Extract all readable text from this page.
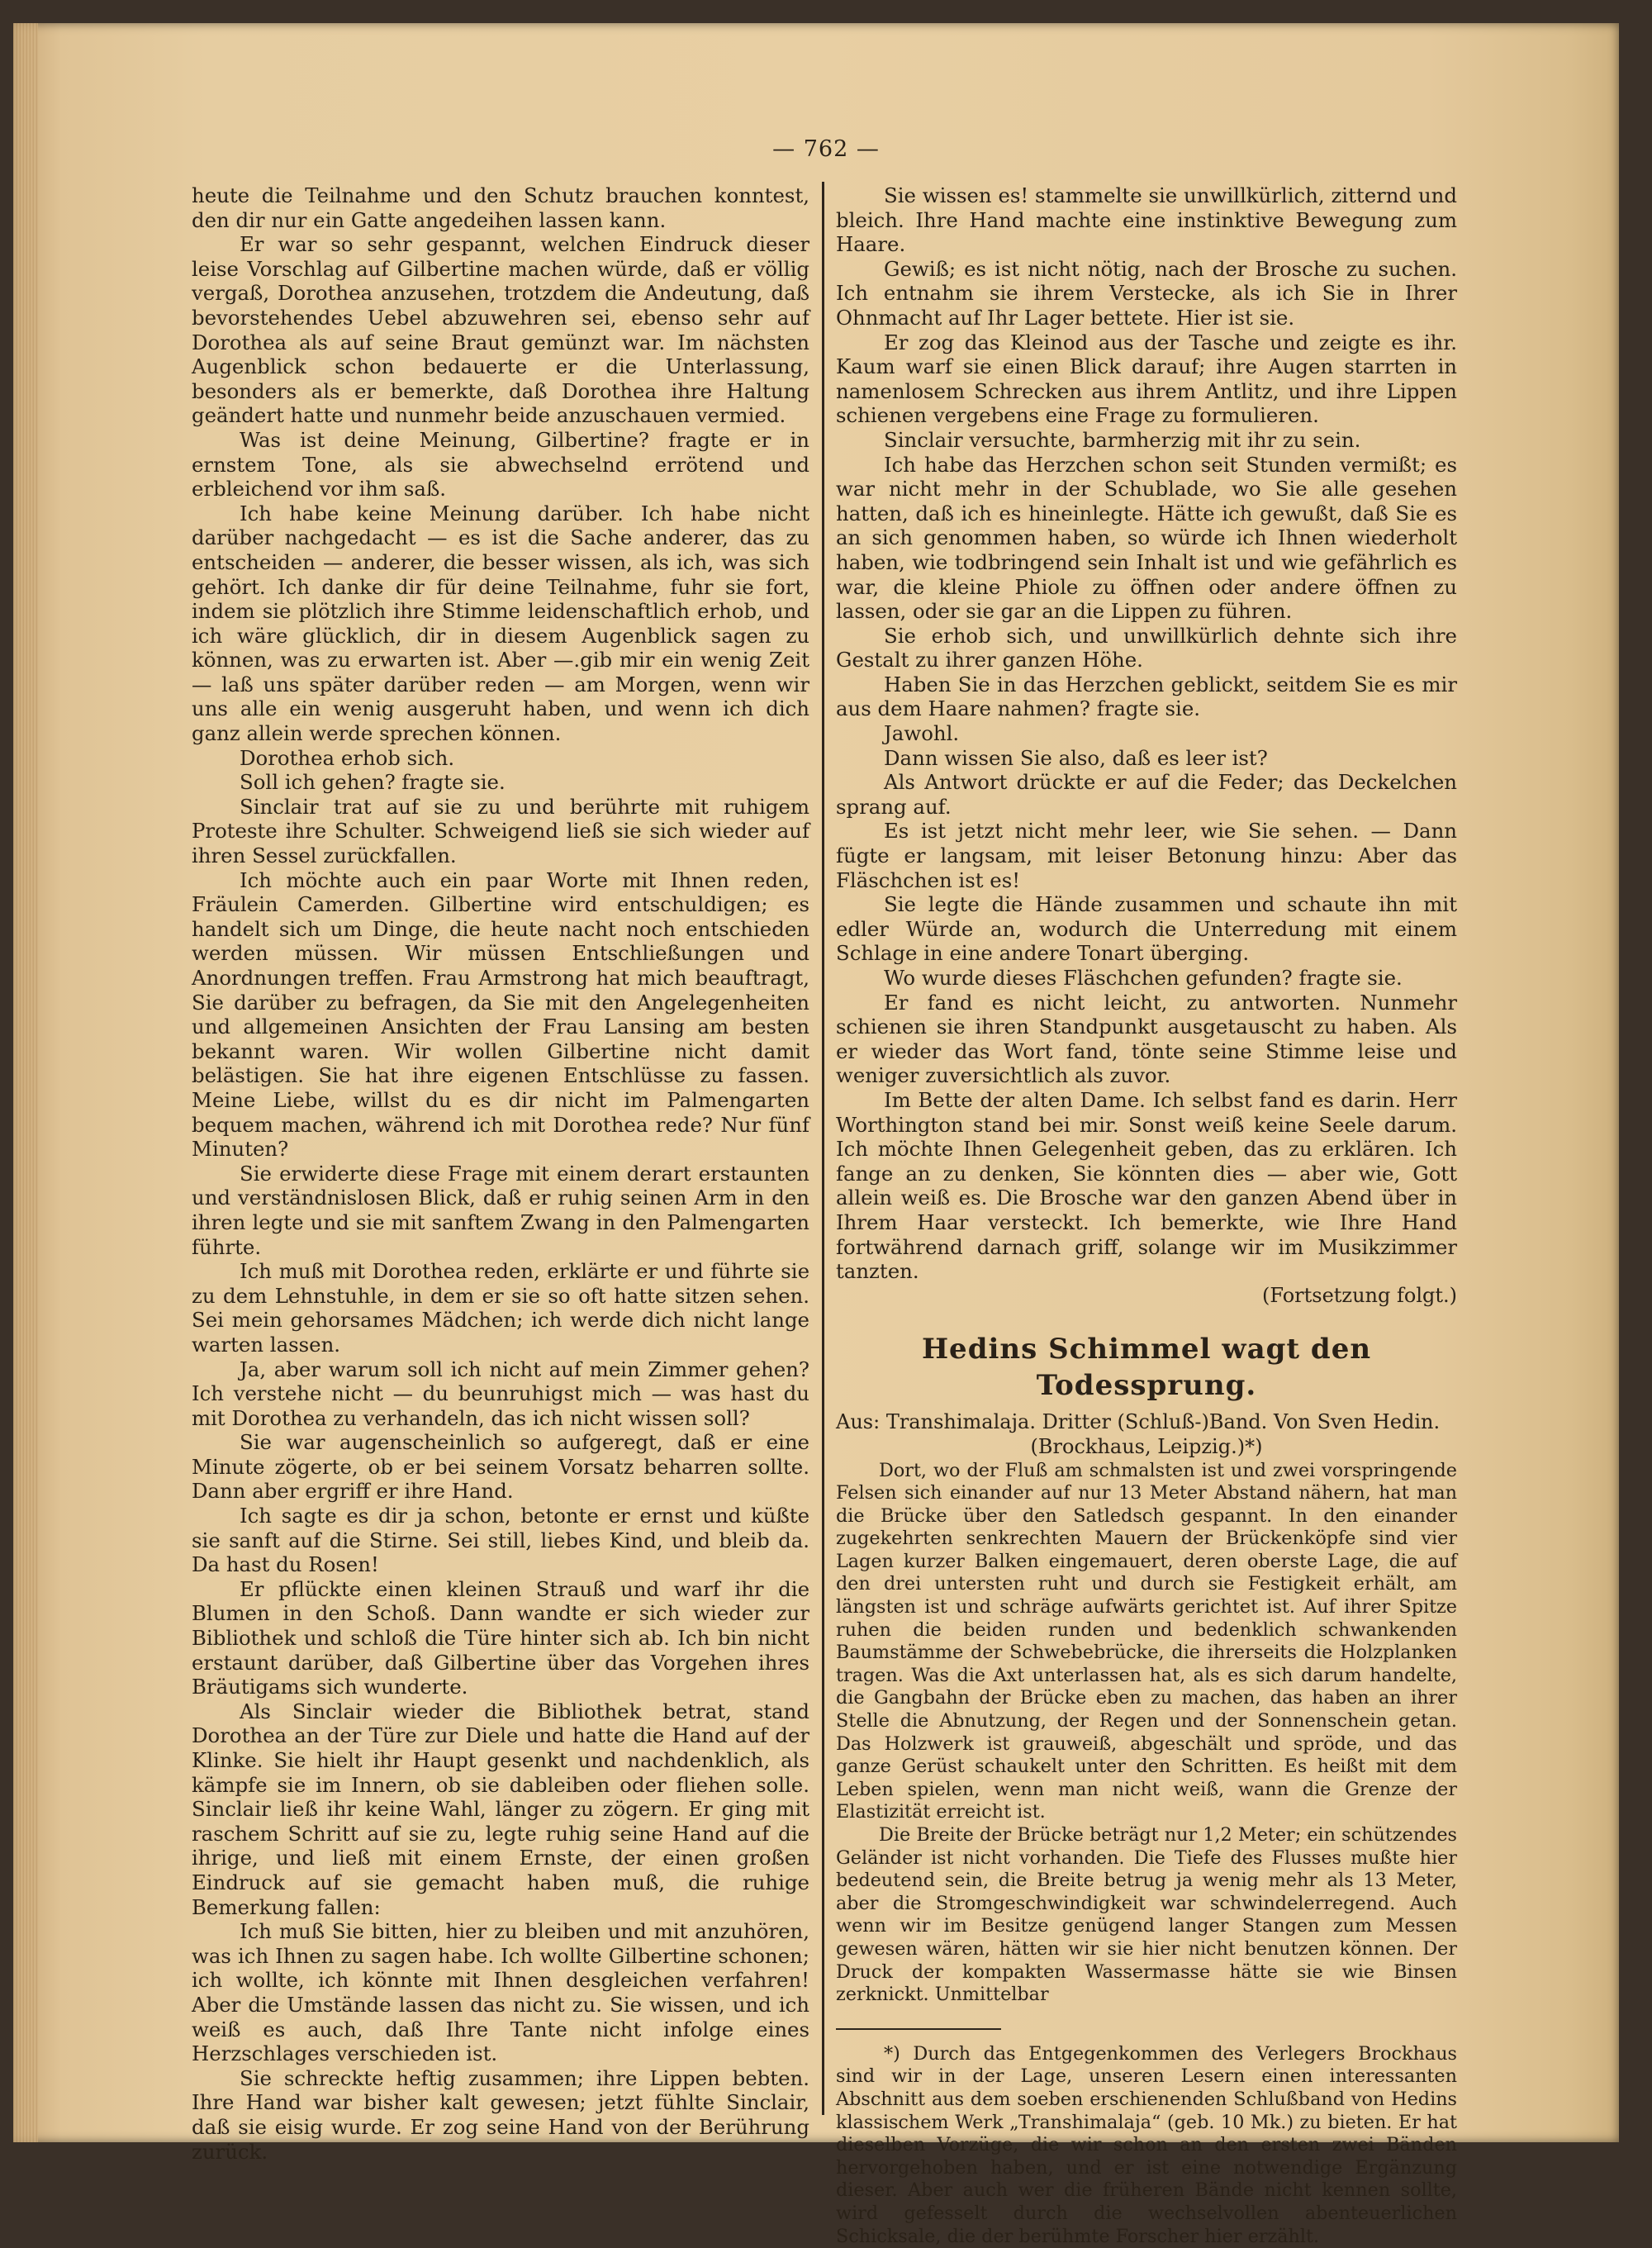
— 762 —

heute die Teilnahme und den Schutz brauchen konntest, den dir nur ein Gatte angedeihen lassen kann.

Er war so sehr gespannt, welchen Eindruck dieser leise Vorschlag auf Gilbertine machen würde, daß er völlig vergaß, Dorothea anzusehen, trotzdem die Andeutung, daß bevorstehendes Uebel abzuwehren sei, ebenso sehr auf Dorothea als auf seine Braut gemünzt war. Im nächsten Augenblick schon bedauerte er die Unterlassung, besonders als er bemerkte, daß Dorothea ihre Haltung geändert hatte und nunmehr beide anzuschauen vermied.

Was ist deine Meinung, Gilbertine? fragte er in ernstem Tone, als sie abwechselnd errötend und erbleichend vor ihm saß.

Ich habe keine Meinung darüber. Ich habe nicht darüber nachgedacht — es ist die Sache anderer, das zu entscheiden — anderer, die besser wissen, als ich, was sich gehört. Ich danke dir für deine Teilnahme, fuhr sie fort, indem sie plötzlich ihre Stimme leidenschaftlich erhob, und ich wäre glücklich, dir in diesem Augenblick sagen zu können, was zu erwarten ist. Aber —.gib mir ein wenig Zeit — laß uns später darüber reden — am Morgen, wenn wir uns alle ein wenig ausgeruht haben, und wenn ich dich ganz allein werde sprechen können.

Dorothea erhob sich.

Soll ich gehen? fragte sie.

Sinclair trat auf sie zu und berührte mit ruhigem Proteste ihre Schulter. Schweigend ließ sie sich wieder auf ihren Sessel zurückfallen.

Ich möchte auch ein paar Worte mit Ihnen reden, Fräulein Camerden. Gilbertine wird entschuldigen; es handelt sich um Dinge, die heute nacht noch entschieden werden müssen. Wir müssen Entschließungen und Anordnungen treffen. Frau Armstrong hat mich beauftragt, Sie darüber zu befragen, da Sie mit den Angelegenheiten und allgemeinen Ansichten der Frau Lansing am besten bekannt waren. Wir wollen Gilbertine nicht damit belästigen. Sie hat ihre eigenen Entschlüsse zu fassen. Meine Liebe, willst du es dir nicht im Palmengarten bequem machen, während ich mit Dorothea rede? Nur fünf Minuten?

Sie erwiderte diese Frage mit einem derart erstaunten und verständnislosen Blick, daß er ruhig seinen Arm in den ihren legte und sie mit sanftem Zwang in den Palmengarten führte.

Ich muß mit Dorothea reden, erklärte er und führte sie zu dem Lehnstuhle, in dem er sie so oft hatte sitzen sehen. Sei mein gehorsames Mädchen; ich werde dich nicht lange warten lassen.

Ja, aber warum soll ich nicht auf mein Zimmer gehen? Ich verstehe nicht — du beunruhigst mich — was hast du mit Dorothea zu verhandeln, das ich nicht wissen soll?

Sie war augenscheinlich so aufgeregt, daß er eine Minute zögerte, ob er bei seinem Vorsatz beharren sollte. Dann aber ergriff er ihre Hand.

Ich sagte es dir ja schon, betonte er ernst und küßte sie sanft auf die Stirne. Sei still, liebes Kind, und bleib da. Da hast du Rosen!

Er pflückte einen kleinen Strauß und warf ihr die Blumen in den Schoß. Dann wandte er sich wieder zur Bibliothek und schloß die Türe hinter sich ab. Ich bin nicht erstaunt darüber, daß Gilbertine über das Vorgehen ihres Bräutigams sich wunderte.

Als Sinclair wieder die Bibliothek betrat, stand Dorothea an der Türe zur Diele und hatte die Hand auf der Klinke. Sie hielt ihr Haupt gesenkt und nachdenklich, als kämpfe sie im Innern, ob sie dableiben oder fliehen solle. Sinclair ließ ihr keine Wahl, länger zu zögern. Er ging mit raschem Schritt auf sie zu, legte ruhig seine Hand auf die ihrige, und ließ mit einem Ernste, der einen großen Eindruck auf sie gemacht haben muß, die ruhige Bemerkung fallen:

Ich muß Sie bitten, hier zu bleiben und mit anzuhören, was ich Ihnen zu sagen habe. Ich wollte Gilbertine schonen; ich wollte, ich könnte mit Ihnen desgleichen verfahren! Aber die Umstände lassen das nicht zu. Sie wissen, und ich weiß es auch, daß Ihre Tante nicht infolge eines Herzschlages verschieden ist.

Sie schreckte heftig zusammen; ihre Lippen bebten. Ihre Hand war bisher kalt gewesen; jetzt fühlte Sinclair, daß sie eisig wurde. Er zog seine Hand von der Berührung zurück.

Sie wissen es! stammelte sie unwillkürlich, zitternd und bleich. Ihre Hand machte eine instinktive Bewegung zum Haare.

Gewiß; es ist nicht nötig, nach der Brosche zu suchen. Ich entnahm sie ihrem Verstecke, als ich Sie in Ihrer Ohnmacht auf Ihr Lager bettete. Hier ist sie.

Er zog das Kleinod aus der Tasche und zeigte es ihr. Kaum warf sie einen Blick darauf; ihre Augen starrten in namenlosem Schrecken aus ihrem Antlitz, und ihre Lippen schienen vergebens eine Frage zu formulieren.

Sinclair versuchte, barmherzig mit ihr zu sein.

Ich habe das Herzchen schon seit Stunden vermißt; es war nicht mehr in der Schublade, wo Sie alle gesehen hatten, daß ich es hineinlegte. Hätte ich gewußt, daß Sie es an sich genommen haben, so würde ich Ihnen wiederholt haben, wie todbringend sein Inhalt ist und wie gefährlich es war, die kleine Phiole zu öffnen oder andere öffnen zu lassen, oder sie gar an die Lippen zu führen.

Sie erhob sich, und unwillkürlich dehnte sich ihre Gestalt zu ihrer ganzen Höhe.

Haben Sie in das Herzchen geblickt, seitdem Sie es mir aus dem Haare nahmen? fragte sie.

Jawohl.

Dann wissen Sie also, daß es leer ist?

Als Antwort drückte er auf die Feder; das Deckelchen sprang auf.

Es ist jetzt nicht mehr leer, wie Sie sehen. — Dann fügte er langsam, mit leiser Betonung hinzu: Aber das Fläschchen ist es!

Sie legte die Hände zusammen und schaute ihn mit edler Würde an, wodurch die Unterredung mit einem Schlage in eine andere Tonart überging.

Wo wurde dieses Fläschchen gefunden? fragte sie.

Er fand es nicht leicht, zu antworten. Nunmehr schienen sie ihren Standpunkt ausgetauscht zu haben. Als er wieder das Wort fand, tönte seine Stimme leise und weniger zuversichtlich als zuvor.

Im Bette der alten Dame. Ich selbst fand es darin. Herr Worthington stand bei mir. Sonst weiß keine Seele darum. Ich möchte Ihnen Gelegenheit geben, das zu erklären. Ich fange an zu denken, Sie könnten dies — aber wie, Gott allein weiß es. Die Brosche war den ganzen Abend über in Ihrem Haar versteckt. Ich bemerkte, wie Ihre Hand fortwährend darnach griff, solange wir im Musikzimmer tanzten.

(Fortsetzung folgt.)

Hedins Schimmel wagt den Todessprung.

Aus: Transhimalaja. Dritter (Schluß-)Band. Von Sven Hedin.

(Brockhaus, Leipzig.)*)

Dort, wo der Fluß am schmalsten ist und zwei vorspringende Felsen sich einander auf nur 13 Meter Abstand nähern, hat man die Brücke über den Satledsch gespannt. In den einander zugekehrten senkrechten Mauern der Brückenköpfe sind vier Lagen kurzer Balken eingemauert, deren oberste Lage, die auf den drei untersten ruht und durch sie Festigkeit erhält, am längsten ist und schräge aufwärts gerichtet ist. Auf ihrer Spitze ruhen die beiden runden und bedenklich schwankenden Baumstämme der Schwebebrücke, die ihrerseits die Holzplanken tragen. Was die Axt unterlassen hat, als es sich darum handelte, die Gangbahn der Brücke eben zu machen, das haben an ihrer Stelle die Abnutzung, der Regen und der Sonnenschein getan. Das Holzwerk ist grauweiß, abgeschält und spröde, und das ganze Gerüst schaukelt unter den Schritten. Es heißt mit dem Leben spielen, wenn man nicht weiß, wann die Grenze der Elastizität erreicht ist.

Die Breite der Brücke beträgt nur 1,2 Meter; ein schützendes Geländer ist nicht vorhanden. Die Tiefe des Flusses mußte hier bedeutend sein, die Breite betrug ja wenig mehr als 13 Meter, aber die Stromgeschwindigkeit war schwindelerregend. Auch wenn wir im Besitze genügend langer Stangen zum Messen gewesen wären, hätten wir sie hier nicht benutzen können. Der Druck der kompakten Wassermasse hätte sie wie Binsen zerknickt. Unmittelbar

*) Durch das Entgegenkommen des Verlegers Brockhaus sind wir in der Lage, unseren Lesern einen interessanten Abschnitt aus dem soeben erschienenden Schlußband von Hedins klassischem Werk „Transhimalaja“ (geb. 10 Mk.) zu bieten. Er hat dieselben Vorzüge, die wir schon an den ersten zwei Bänden hervorgehoben haben, und er ist eine notwendige Ergänzung dieser. Aber auch wer die früheren Bände nicht kennen sollte, wird gefesselt durch die wechselvollen abenteuerlichen Schicksale, die der berühmte Forscher hier erzählt.
